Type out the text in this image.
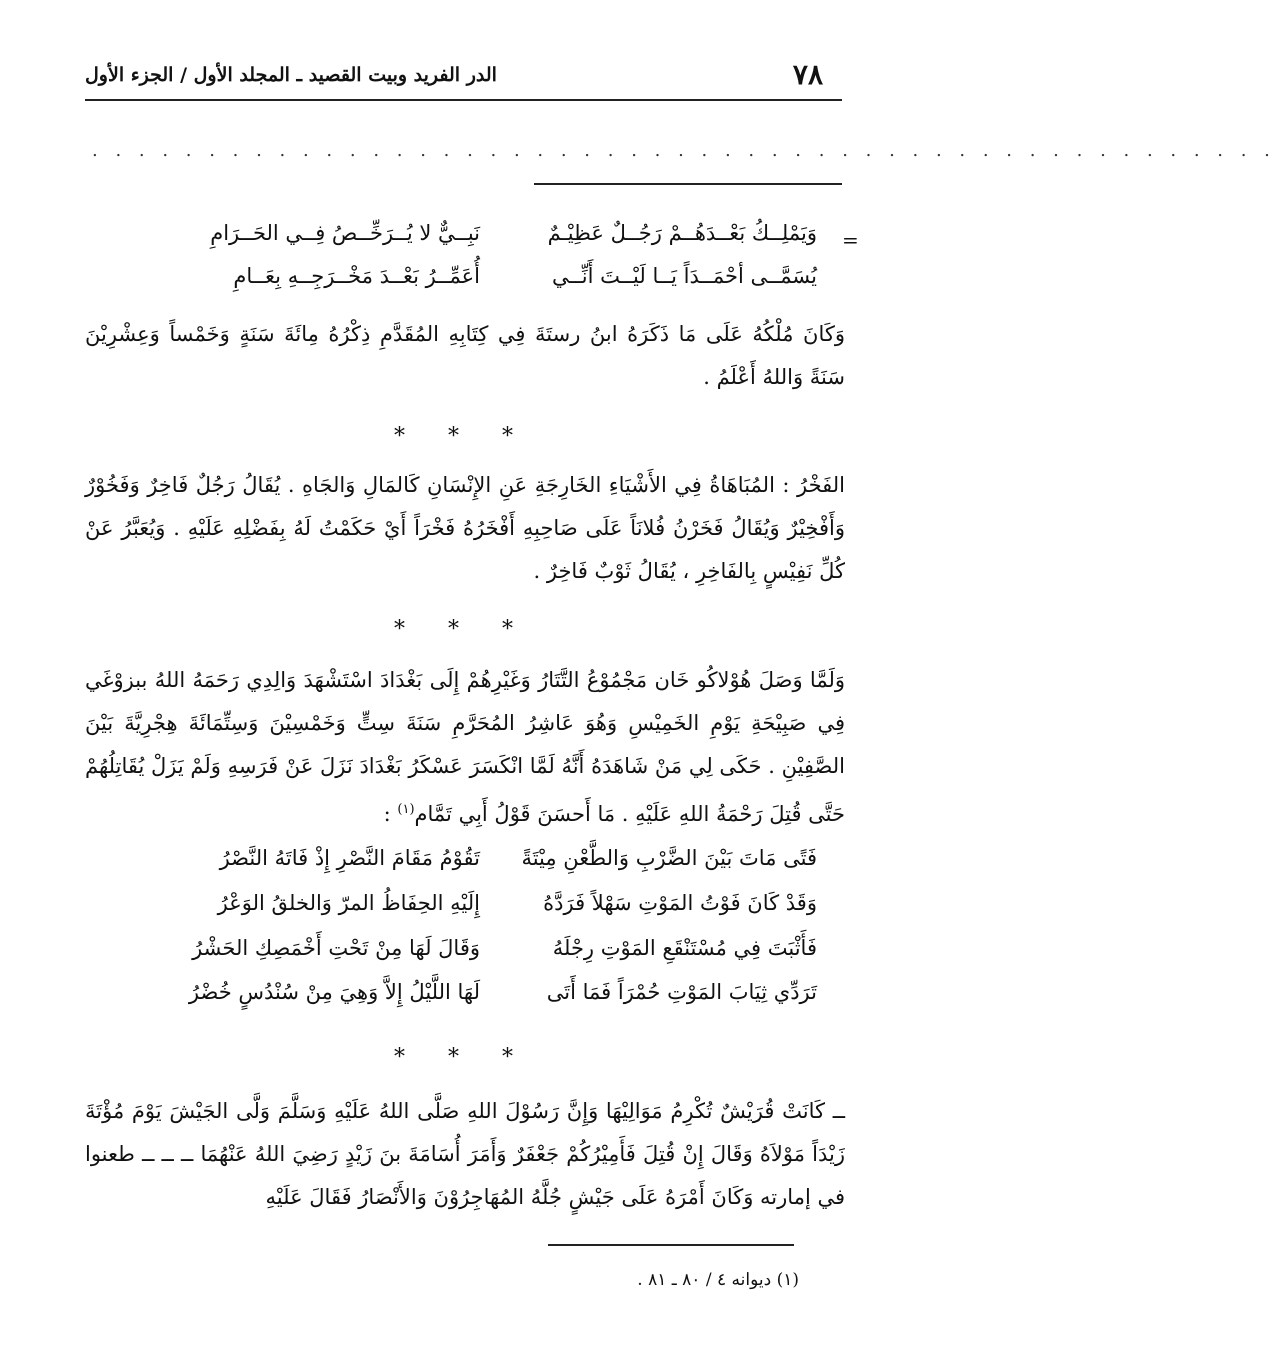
٧٨
الدر الفريد وبيت القصيد ـ المجلد الأول / الجزء الأول
. . . . . . . . . . . . . . . . . . . . . . . . . . . . . . . . . . . . . . . . . . . . . . . . . . .
=
وَيَمْلِــكُ بَعْــدَهُــمْ رَجُــلٌ عَظِيْـمٌ
نَبِــيٌّ لا يُــرَخِّــصُ فِــي الحَــرَامِ
يُسَمَّــى أحْمَــدَاً يَــا لَيْــتَ أَنِّــي
أُعَمِّــرُ بَعْــدَ مَخْــرَجِــهِ بِعَــامِ
وَكَانَ مُلْكُهُ عَلَى مَا ذَكَرَهُ ابنُ رستَةَ فِي كِتَابِهِ المُقَدَّمِ ذِكْرُهُ مِائَةَ سَنَةٍ وَخَمْساً وَعِشْرِيْنَ سَنَةً وَاللهُ أَعْلَمُ .
* * *
الفَخْرُ : المُبَاهَاةُ فِي الأَشْيَاءِ الخَارِجَةِ عَنِ الإِنْسَانِ كَالمَالِ وَالجَاهِ . يُقَالُ رَجُلٌ فَاخِرٌ وَفَخُوْرٌ وَأَفْخِيْرٌ وَيُقَالُ فَخَرْنُ فُلانَاً عَلَى صَاحِبِهِ أَفْخَرُهُ فَخْرَاً أَيْ حَكَمْتُ لَهُ بِفَضْلِهِ عَلَيْهِ . وَيُعَبَّرُ عَنْ كُلِّ نَفِيْسٍ بِالفَاخِرِ ، يُقَالُ ثَوْبٌ فَاخِرٌ .
* * *
وَلَمَّا وَصَلَ هُوْلاكُو خَان مَجْمُوْعُ التَّتَارُ وَغَيْرِهُمْ إِلَى بَغْدَادَ اسْتَشْهَدَ وَالِدِي رَحَمَهُ اللهُ ببزوْغَي فِي صَبِيْحَةِ يَوْمِ الخَمِيْسِ وَهُوَ عَاشِرُ المُحَرَّمِ سَنَةَ سِتٍّ وَخَمْسِيْنَ وَسِتِّمَائَةَ هِجْرِيَّةَ بَيْنَ الصَّفِيْنِ . حَكَى لِي مَنْ شَاهَدَهُ أَنَّهُ لَمَّا انْكَسَرَ عَسْكَرُ بَغْدَادَ نَزَلَ عَنْ فَرَسِهِ وَلَمْ يَزَلْ يُقَاتِلُهُمْ حَتَّى قُتِلَ رَحْمَةُ اللهِ عَلَيْهِ . مَا أَحسَنَ قَوْلُ أَبِي تَمَّام$^{(١)}$ :
فَتًى مَاتَ بَيْنَ الضَّرْبِ وَالطَّعْنِ مِيْتَةً
تَقُوْمُ مَقَامَ النَّصْرِ إِذْ فَاتَهُ النَّصْرُ
وَقَدْ كَانَ فَوْتُ المَوْتِ سَهْلاً فَرَدَّهُ
إِلَيْهِ الحِفَاظُ المرّ وَالخلقُ الوَعْرُ
فَأَثْبَتَ فِي مُسْتَنْقَعِ المَوْتِ رِجْلَهُ
وَقَالَ لَهَا مِنْ تَحْتِ أَخْمَصِكِ الحَشْرُ
تَرَدِّي ثِيَابَ المَوْتِ حُمْرَاً فَمَا أَتَى
لَهَا اللَّيْلُ إِلاَّ وَهِيَ مِنْ سُنْدُسٍ خُضْرُ
* * *
ــ كَانَتْ قُرَيْشٌ تُكْرِمُ مَوَالِيْهَا وَإِنَّ رَسُوْلَ اللهِ صَلَّى اللهُ عَلَيْهِ وَسَلَّمَ وَلَّى الجَيْشَ يَوْمَ مُؤْتَةَ زَيْدَاً مَوْلاَهُ وَقَالَ إِنْ قُتِلَ فَأَمِيْرُكُمْ جَعْفَرٌ وَأَمَرَ أُسَامَةَ بنَ زَيْدٍ رَضِيَ اللهُ عَنْهُمَا ــ ــ ــ طعنوا في إمارته وَكَانَ أَمْرَهُ عَلَى جَيْشٍ جُلَّهُ المُهَاجِرُوْنَ وَالأَنْصَارُ فَقَالَ عَلَيْهِ
(١) ديوانه ٤ / ٨٠ ـ ٨١ .
